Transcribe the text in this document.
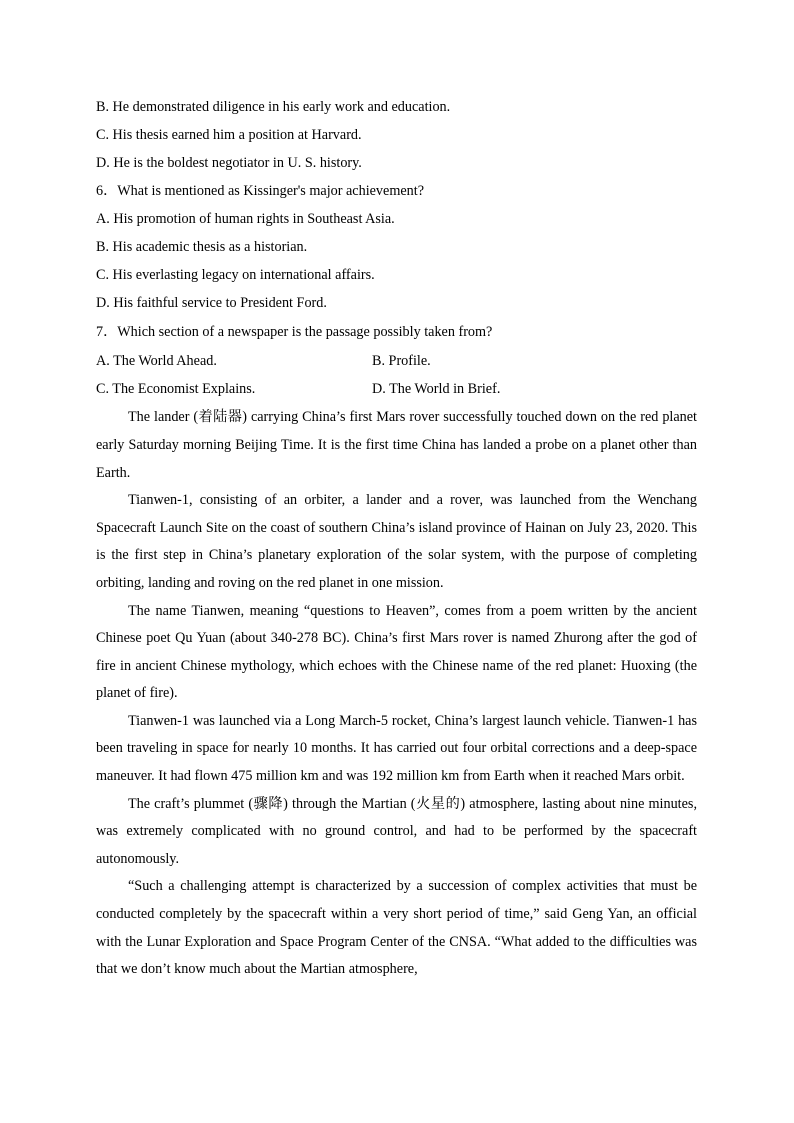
B. He demonstrated diligence in his early work and education.
C. His thesis earned him a position at Harvard.
D. He is the boldest negotiator in U. S. history.
6．What is mentioned as Kissinger's major achievement?
A. His promotion of human rights in Southeast Asia.
B. His academic thesis as a historian.
C. His everlasting legacy on international affairs.
D. His faithful service to President Ford.
7．Which section of a newspaper is the passage possibly taken from?
A. The World Ahead.	B. Profile.
C. The Economist Explains.	D. The World in Brief.

The lander (着陆器) carrying China’s first Mars rover successfully touched down on the red planet early Saturday morning Beijing Time. It is the first time China has landed a probe on a planet other than Earth.

Tianwen-1, consisting of an orbiter, a lander and a rover, was launched from the Wenchang Spacecraft Launch Site on the coast of southern China’s island province of Hainan on July 23, 2020. This is the first step in China’s planetary exploration of the solar system, with the purpose of completing orbiting, landing and roving on the red planet in one mission.

The name Tianwen, meaning “questions to Heaven”, comes from a poem written by the ancient Chinese poet Qu Yuan (about 340-278 BC). China’s first Mars rover is named Zhurong after the god of fire in ancient Chinese mythology, which echoes with the Chinese name of the red planet: Huoxing (the planet of fire).

Tianwen-1 was launched via a Long March-5 rocket, China’s largest launch vehicle. Tianwen-1 has been traveling in space for nearly 10 months. It has carried out four orbital corrections and a deep-space maneuver. It had flown 475 million km and was 192 million km from Earth when it reached Mars orbit.

The craft’s plummet (骤降) through the Martian (火星的) atmosphere, lasting about nine minutes, was extremely complicated with no ground control, and had to be performed by the spacecraft autonomously.

“Such a challenging attempt is characterized by a succession of complex activities that must be conducted completely by the spacecraft within a very short period of time,” said Geng Yan, an official with the Lunar Exploration and Space Program Center of the CNSA. “What added to the difficulties was that we don’t know much about the Martian atmosphere,
